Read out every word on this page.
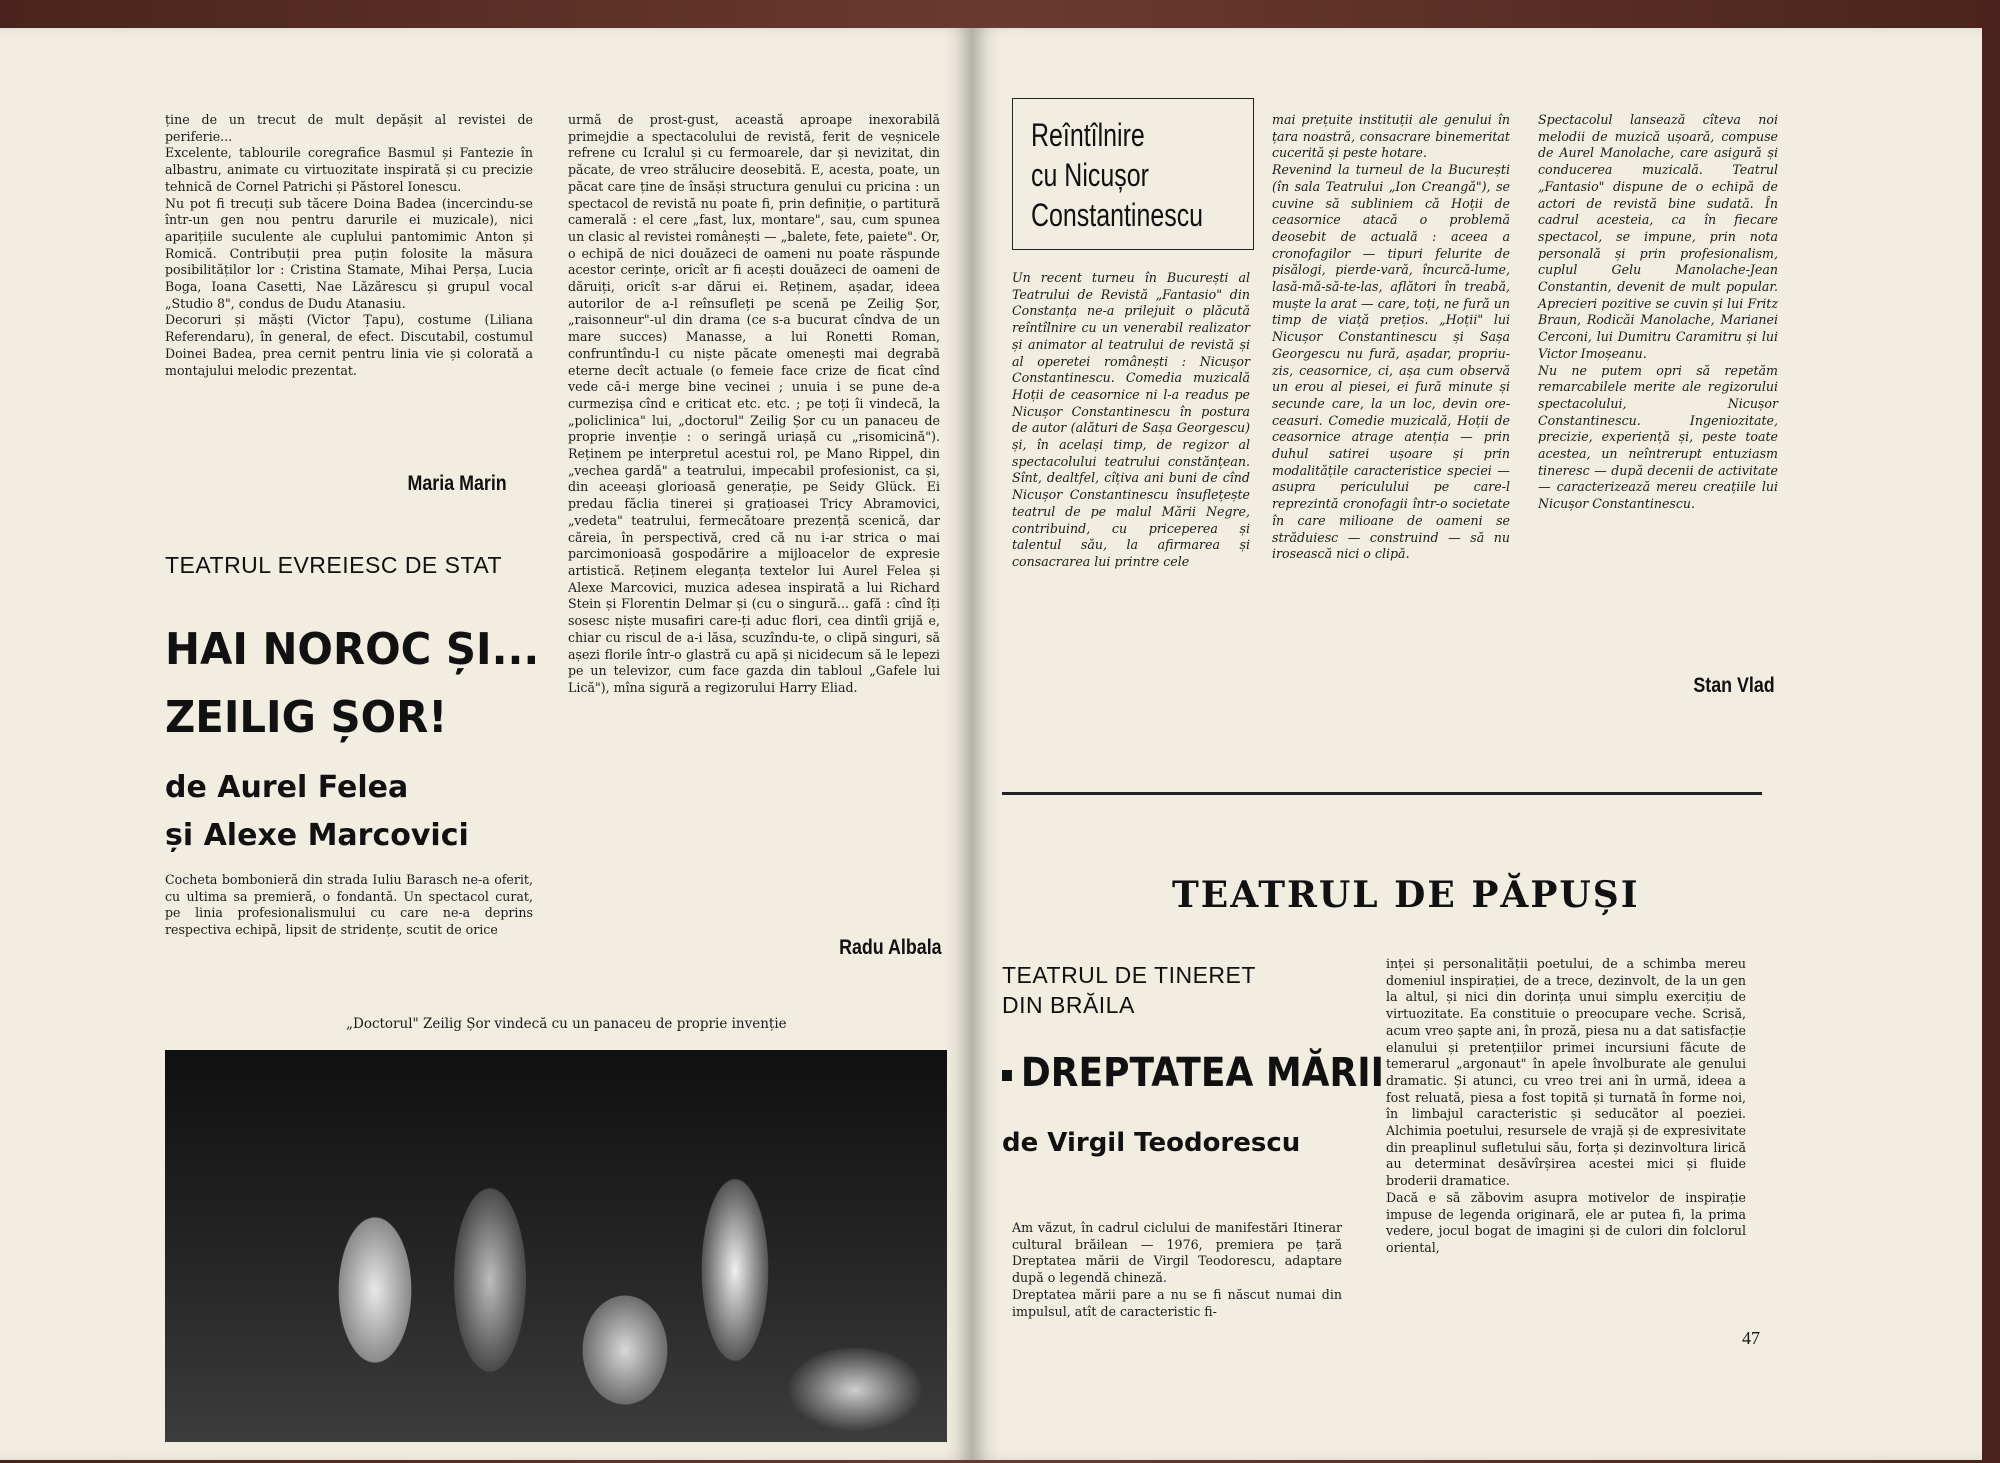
ține de un trecut de mult depășit al revistei de periferie...
Excelente, tablourile coregrafice Basmul și Fantezie în albastru, animate cu virtuozitate inspirată și cu precizie tehnică de Cornel Patrichi și Păstorel Ionescu.
Nu pot fi trecuți sub tăcere Doina Badea (incercindu-se într-un gen nou pentru darurile ei muzicale), nici aparițiile suculente ale cuplului pantomimic Anton și Romică. Contribuții prea puțin folosite la măsura posibilităților lor : Cristina Stamate, Mihai Perșa, Lucia Boga, Ioana Casetti, Nae Lăzărescu și grupul vocal „Studio 8", condus de Dudu Atanasiu.
Decoruri și măști (Victor Țapu), costume (Liliana Referendaru), în general, de efect. Discutabil, costumul Doinei Badea, prea cernit pentru linia vie și colorată a montajului melodic prezentat.
Maria Marin
TEATRUL EVREIESC DE STAT
HAI NOROC ȘI...
ZEILIG ȘOR!
de Aurel Felea
și Alexe Marcovici
Cocheta bombonieră din strada Iuliu Barasch ne-a oferit, cu ultima sa premieră, o fondantă. Un spectacol curat, pe linia profesionalismului cu care ne-a deprins respectiva echipă, lipsit de stridențe, scutit de orice
urmă de prost-gust, această aproape inexorabilă primejdie a spectacolului de revistă, ferit de veșnicele refrene cu Icralul și cu fermoarele, dar și nevizitat, din păcate, de vreo strălucire deosebită. E, acesta, poate, un păcat care ține de însăși structura genului cu pricina : un spectacol de revistă nu poate fi, prin definiție, o partitură camerală : el cere „fast, lux, montare", sau, cum spunea un clasic al revistei românești — „balete, fete, paiete". Or, o echipă de nici douăzeci de oameni nu poate răspunde acestor cerințe, oricît ar fi acești douăzeci de oameni de dăruiți, oricît s-ar dărui ei. Reținem, așadar, ideea autorilor de a-l reînsufleți pe scenă pe Zeilig Șor, „raisonneur"-ul din drama (ce s-a bucurat cîndva de un mare succes) Manasse, a lui Ronetti Roman, confruntîndu-l cu niște păcate omenești mai degrabă eterne decît actuale (o femeie face crize de ficat cînd vede că-i merge bine vecinei ; unuia i se pune de-a curmezișa cînd e criticat etc. etc. ; pe toți îi vindecă, la „policlinica" lui, „doctorul" Zeilig Șor cu un panaceu de proprie invenție : o seringă uriașă cu „risomicină"). Reținem pe interpretul acestui rol, pe Mano Rippel, din „vechea gardă" a teatrului, impecabil profesionist, ca și, din aceeași glorioasă generație, pe Seidy Glück. Ei predau făclia tinerei și grațioasei Tricy Abramovici, „vedeta" teatrului, fermecătoare prezență scenică, dar căreia, în perspectivă, cred că nu i-ar strica o mai parcimonioasă gospodărire a mijloacelor de expresie artistică. Reținem eleganța textelor lui Aurel Felea și Alexe Marcovici, muzica adesea inspirată a lui Richard Stein și Florentin Delmar și (cu o singură... gafă : cînd îți sosesc niște musafiri care-ți aduc flori, cea dintîi grijă e, chiar cu riscul de a-i lăsa, scuzîndu-te, o clipă singuri, să așezi florile într-o glastră cu apă și nicidecum să le lepezi pe un televizor, cum face gazda din tabloul „Gafele lui Lică"), mîna sigură a regizorului Harry Eliad.
Radu Albala
„Doctorul" Zeilig Șor vindecă cu un panaceu de proprie invenție
Reîntîlnire
cu Nicușor
Constantinescu
Un recent turneu în București al Teatrului de Revistă „Fantasio" din Constanța ne-a prilejuit o plăcută reîntîlnire cu un venerabil realizator și animator al teatrului de revistă și al operetei românești : Nicușor Constantinescu. Comedia muzicală Hoții de ceasornice ni l-a readus pe Nicușor Constantinescu în postura de autor (alături de Sașa Georgescu) și, în același timp, de regizor al spectacolului teatrului constănțean. Sînt, dealtfel, cîțiva ani buni de cînd Nicușor Constantinescu însuflețește teatrul de pe malul Mării Negre, contribuind, cu priceperea și talentul său, la afirmarea și consacrarea lui printre cele
mai prețuite instituții ale genului în țara noastră, consacrare binemeritat cucerită și peste hotare.
Revenind la turneul de la București (în sala Teatrului „Ion Creangă"), se cuvine să subliniem că Hoții de ceasornice atacă o problemă deosebit de actuală : aceea a cronofagilor — tipuri felurite de pisălogi, pierde-vară, încurcă-lume, lasă-mă-să-te-las, aflători în treabă, muște la arat — care, toți, ne fură un timp de viață prețios. „Hoții" lui Nicușor Constantinescu și Sașa Georgescu nu fură, așadar, propriu-zis, ceasornice, ci, așa cum observă un erou al piesei, ei fură minute și secunde care, la un loc, devin ore-ceasuri. Comedie muzicală, Hoții de ceasornice atrage atenția — prin duhul satirei ușoare și prin modalitățile caracteristice speciei — asupra periculului pe care-l reprezintă cronofagii într-o societate în care milioane de oameni se străduiesc — construind — să nu irosească nici o clipă.
Spectacolul lansează cîteva noi melodii de muzică ușoară, compuse de Aurel Manolache, care asigură și conducerea muzicală. Teatrul „Fantasio" dispune de o echipă de actori de revistă bine sudată. În cadrul acesteia, ca în fiecare spectacol, se impune, prin nota personală și prin profesionalism, cuplul Gelu Manolache-Jean Constantin, devenit de mult popular. Aprecieri pozitive se cuvin și lui Fritz Braun, Rodicăi Manolache, Marianei Cerconi, lui Dumitru Caramitru și lui Victor Imoșeanu.
Nu ne putem opri să repetăm remarcabilele merite ale regizorului spectacolului, Nicușor Constantinescu. Ingeniozitate, precizie, experiență și, peste toate acestea, un neîntrerupt entuziasm tineresc — după decenii de activitate — caracterizează mereu creațiile lui Nicușor Constantinescu.
Stan Vlad
TEATRUL DE PĂPUȘI
TEATRUL DE TINERET
DIN BRĂILA
DREPTATEA MĂRII
de Virgil Teodorescu
Am văzut, în cadrul ciclului de manifestări Itinerar cultural brăilean — 1976, premiera pe țară Dreptatea mării de Virgil Teodorescu, adaptare după o legendă chineză.
Dreptatea mării pare a nu se fi născut numai din impulsul, atît de caracteristic fi-
inței și personalității poetului, de a schimba mereu domeniul inspirației, de a trece, dezinvolt, de la un gen la altul, și nici din dorința unui simplu exercițiu de virtuozitate. Ea constituie o preocupare veche. Scrisă, acum vreo șapte ani, în proză, piesa nu a dat satisfacție elanului și pretențiilor primei incursiuni făcute de temerarul „argonaut" în apele învolburate ale genului dramatic. Și atunci, cu vreo trei ani în urmă, ideea a fost reluată, piesa a fost topită și turnată în forme noi, în limbajul caracteristic și seducător al poeziei. Alchimia poetului, resursele de vrajă și de expresivitate din preaplinul sufletului său, forța și dezinvoltura lirică au determinat desăvîrșirea acestei mici și fluide broderii dramatice.
Dacă e să zăbovim asupra motivelor de inspirație impuse de legenda originară, ele ar putea fi, la prima vedere, jocul bogat de imagini și de culori din folclorul oriental,
47
